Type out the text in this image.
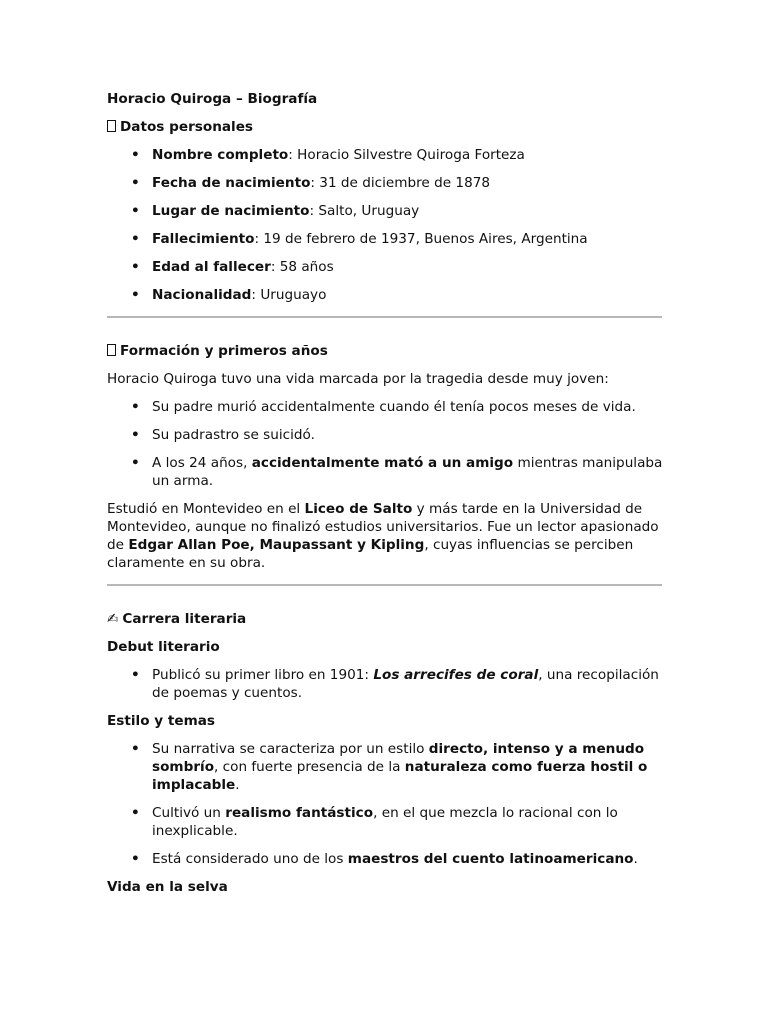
Horacio Quiroga – Biografía

Datos personales

• Nombre completo: Horacio Silvestre Quiroga Forteza
• Fecha de nacimiento: 31 de diciembre de 1878
• Lugar de nacimiento: Salto, Uruguay
• Fallecimiento: 19 de febrero de 1937, Buenos Aires, Argentina
• Edad al fallecer: 58 años
• Nacionalidad: Uruguayo

Formación y primeros años

Horacio Quiroga tuvo una vida marcada por la tragedia desde muy joven:

• Su padre murió accidentalmente cuando él tenía pocos meses de vida.
• Su padrastro se suicidó.
• A los 24 años, accidentalmente mató a un amigo mientras manipulaba un arma.

Estudió en Montevideo en el Liceo de Salto y más tarde en la Universidad de Montevideo, aunque no finalizó estudios universitarios. Fue un lector apasionado de Edgar Allan Poe, Maupassant y Kipling, cuyas influencias se perciben claramente en su obra.

✍ Carrera literaria

Debut literario

• Publicó su primer libro en 1901: Los arrecifes de coral, una recopilación de poemas y cuentos.

Estilo y temas

• Su narrativa se caracteriza por un estilo directo, intenso y a menudo sombrío, con fuerte presencia de la naturaleza como fuerza hostil o implacable.
• Cultivó un realismo fantástico, en el que mezcla lo racional con lo inexplicable.
• Está considerado uno de los maestros del cuento latinoamericano.

Vida en la selva
